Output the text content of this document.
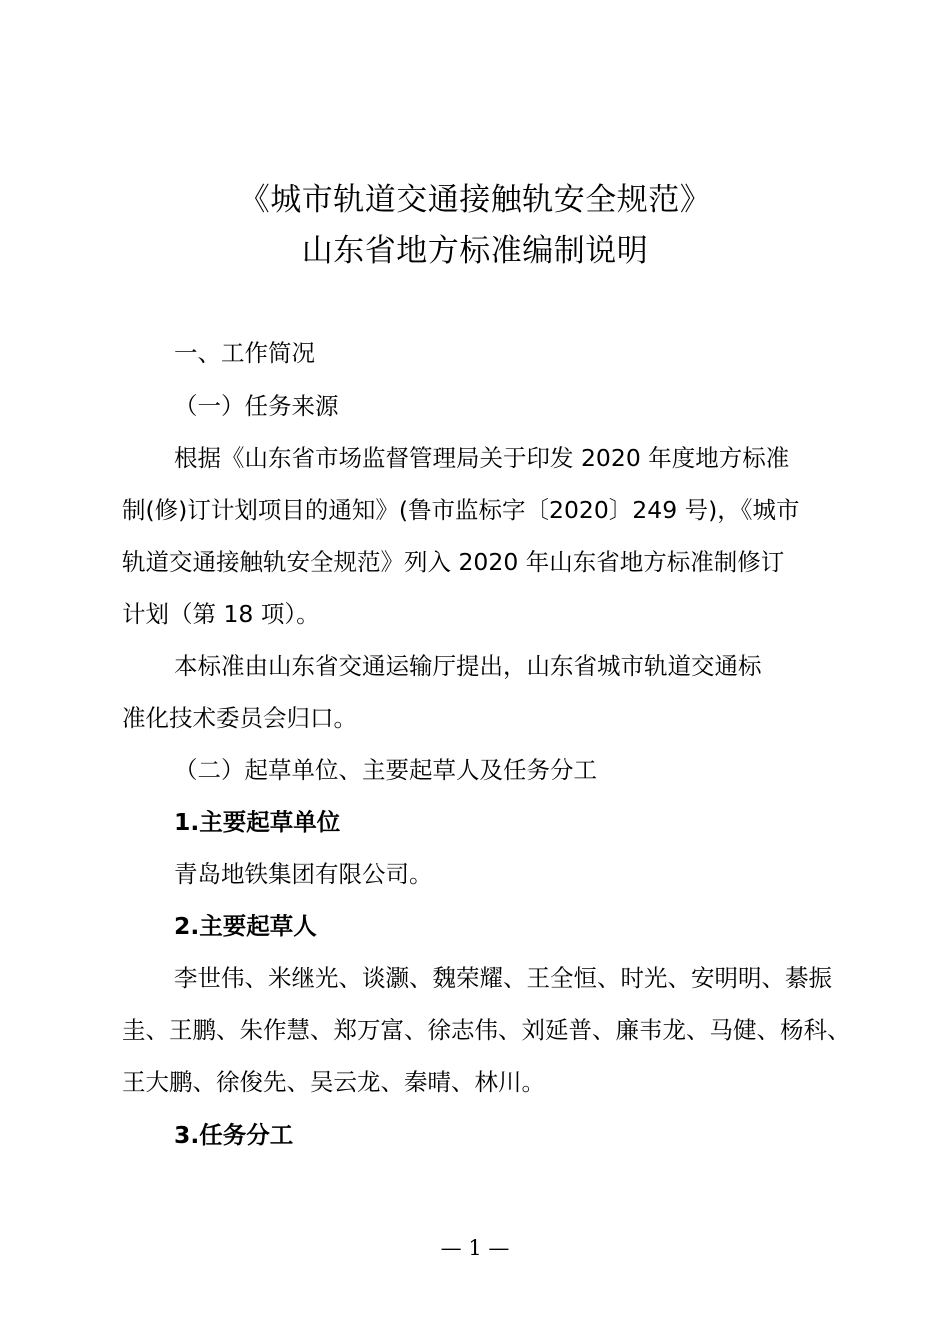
《城市轨道交通接触轨安全规范》
山东省地方标准编制说明
一、工作简况
（一）任务来源
根据《山东省市场监督管理局关于印发 2020 年度地方标准
制(修)订计划项目的通知》(鲁市监标字〔2020〕249 号)，《城市
轨道交通接触轨安全规范》列入 2020 年山东省地方标准制修订
计划（第 18 项）。
本标准由山东省交通运输厅提出，山东省城市轨道交通标
准化技术委员会归口。
（二）起草单位、主要起草人及任务分工
1.主要起草单位
青岛地铁集团有限公司。
2.主要起草人
李世伟、米继光、谈灏、魏荣耀、王全恒、时光、安明明、綦振
圭、王鹏、朱作慧、郑万富、徐志伟、刘延普、廉韦龙、马健、杨科、
王大鹏、徐俊先、吴云龙、秦晴、林川。
3.任务分工
— 1 —
